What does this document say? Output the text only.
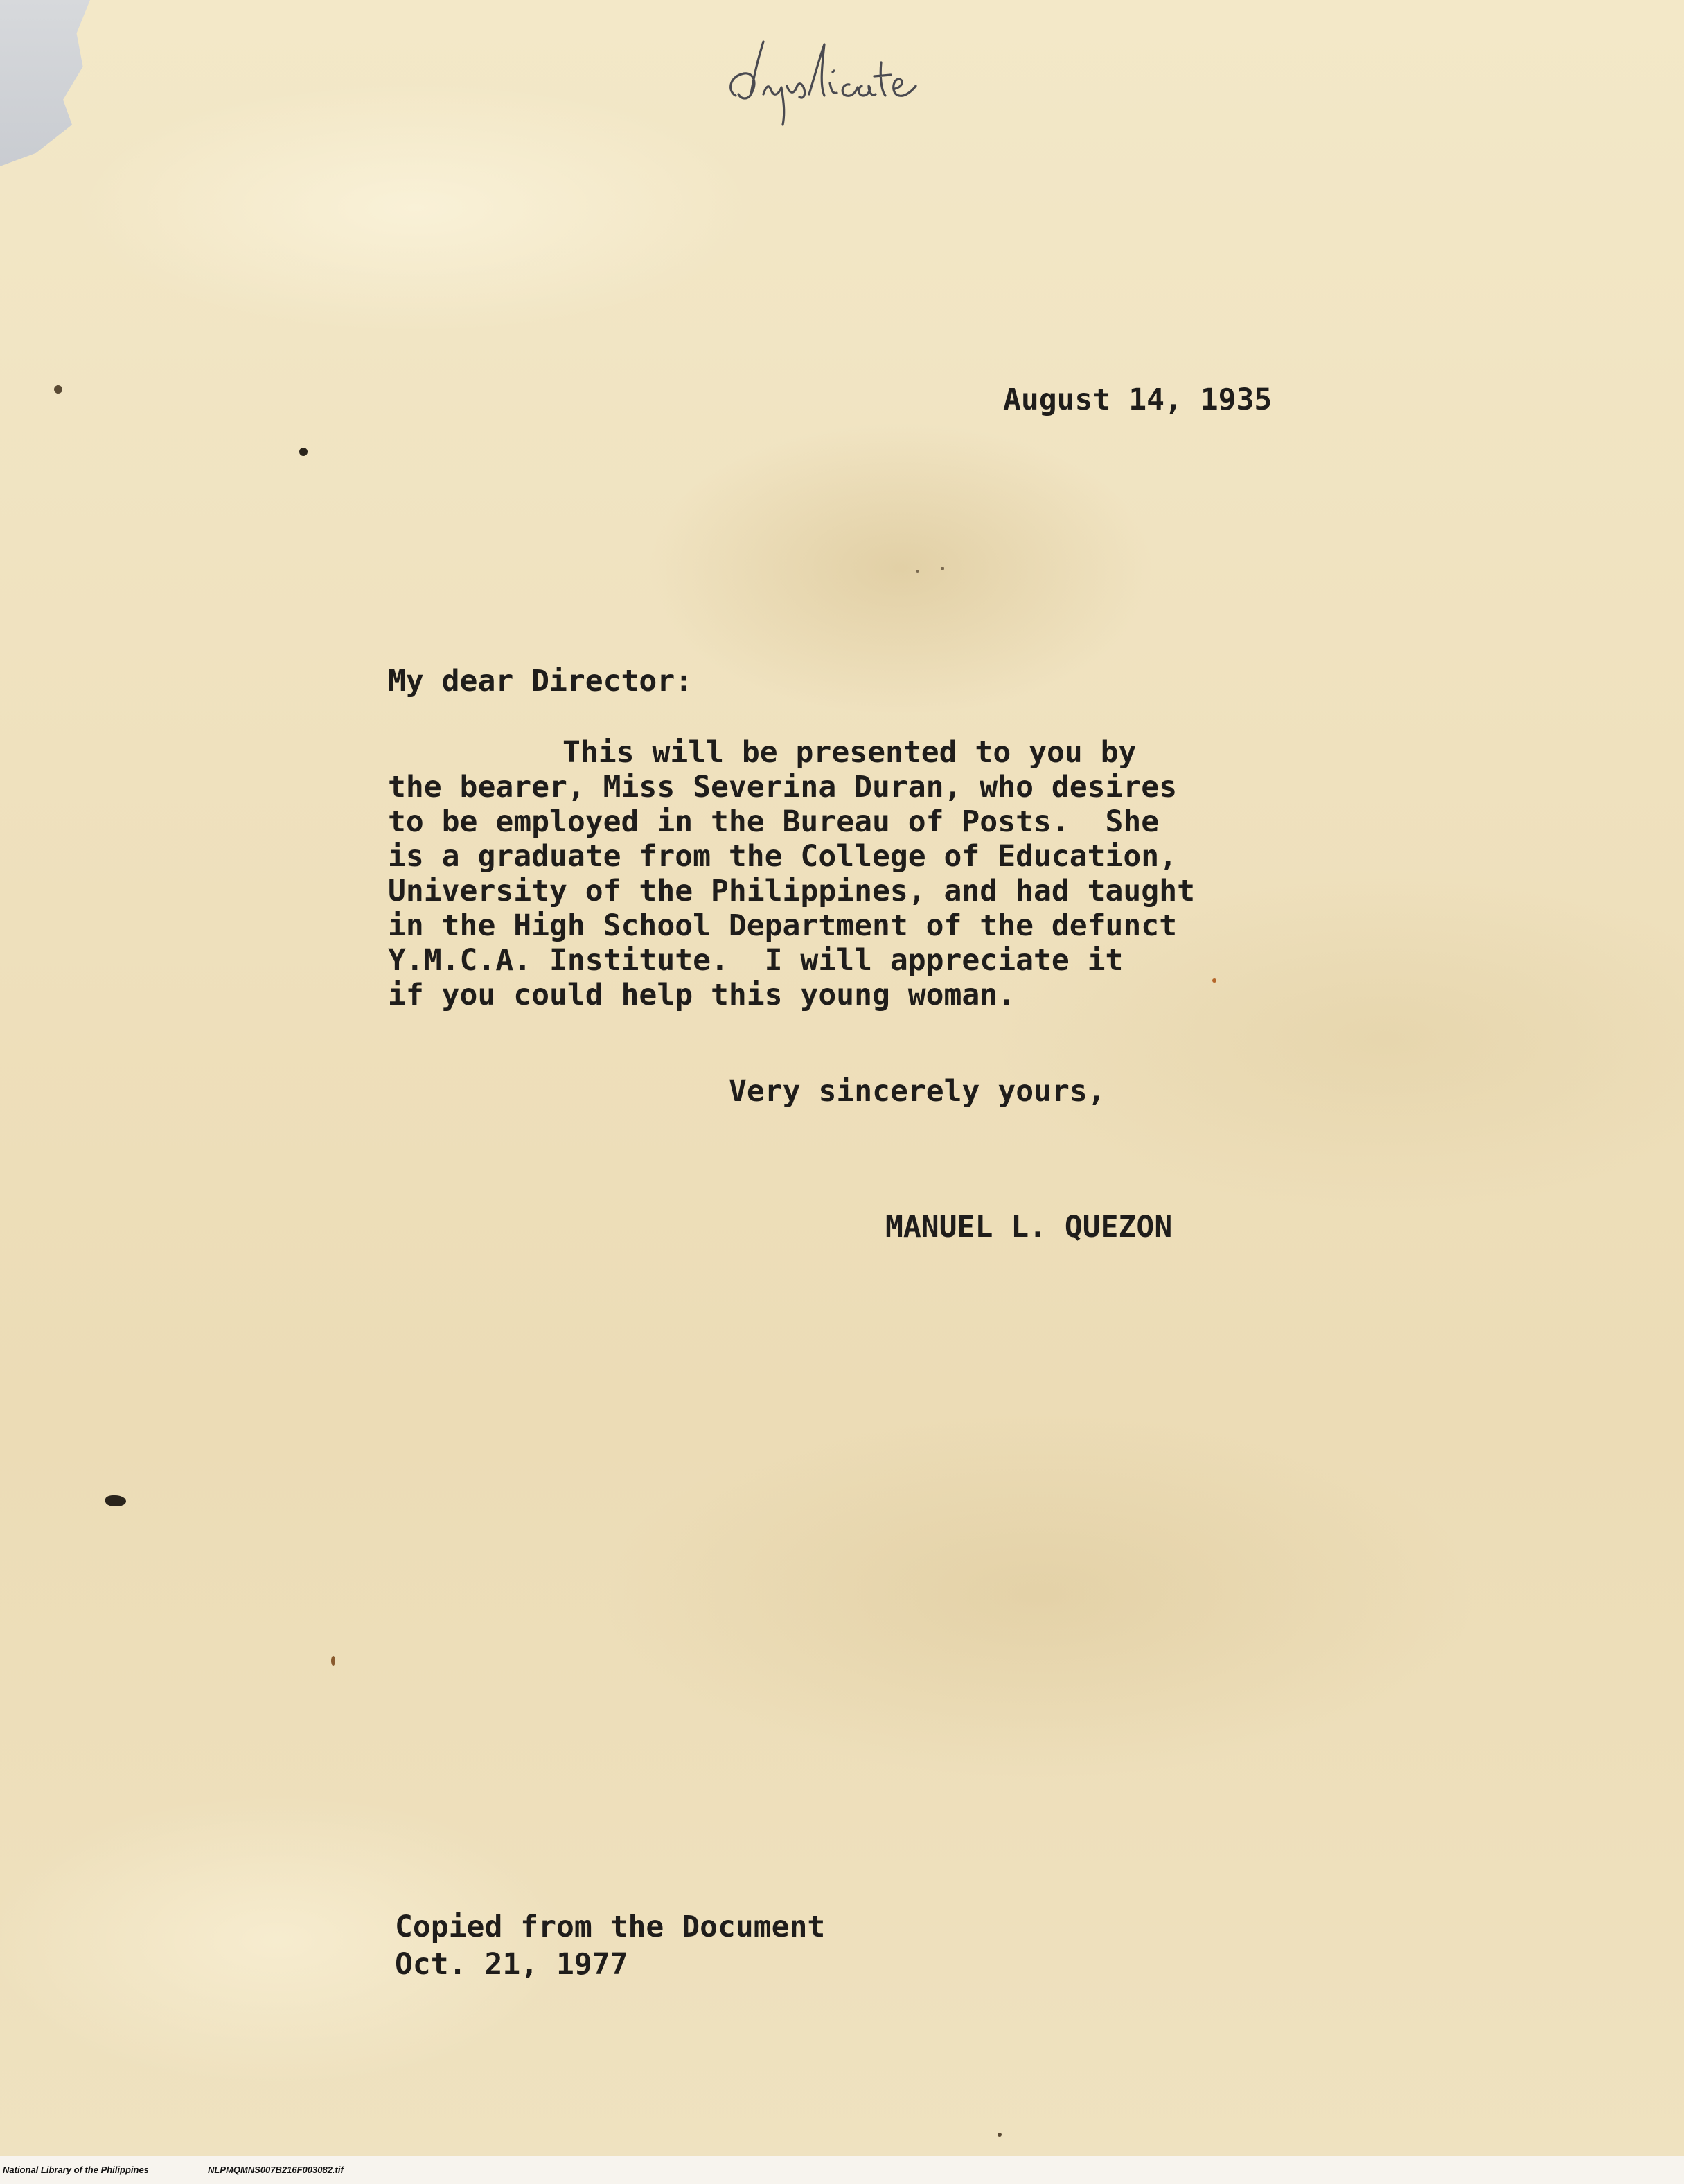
August 14, 1935

My dear Director:

This will be presented to you by

the bearer, Miss Severina Duran, who desires

to be employed in the Bureau of Posts.  She

is a graduate from the College of Education,

University of the Philippines, and had taught

in the High School Department of the defunct

Y.M.C.A. Institute.  I will appreciate it

if you could help this young woman.

Very sincerely yours,

MANUEL L. QUEZON

Copied from the Document

Oct. 21, 1977

National Library of the Philippines	NLPMQMNS007B216F003082.tif
